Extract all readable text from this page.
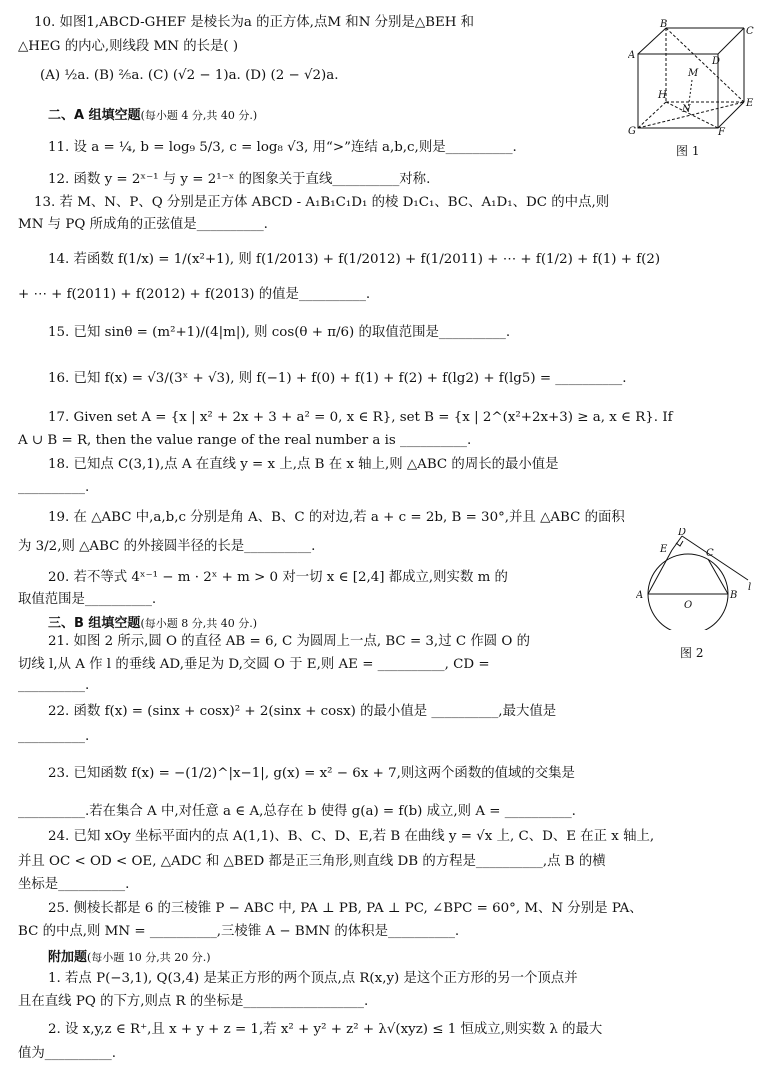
10. 如图1,ABCD-GHEF 是棱长为a 的正方体,点M 和N 分别是△BEH 和
△HEG 的内心,则线段 MN 的长是( )
(A) ½a. (B) ⅖a. (C) (√2 − 1)a. (D) (2 − √2)a.
B
C
A
D
M
H
N
E
G	F
图 1
二、A 组填空题(每小题 4 分,共 40 分.)
11. 设 a = ¼, b = log₉ 5/3, c = log₈ √3, 用“>”连结 a,b,c,则是__________.
12. 函数 y = 2ˣ⁻¹ 与 y = 2¹⁻ˣ 的图象关于直线__________对称.
13. 若 M、N、P、Q 分别是正方体 ABCD - A₁B₁C₁D₁ 的棱 D₁C₁、BC、A₁D₁、DC 的中点,则
MN 与 PQ 所成角的正弦值是__________.
14. 若函数 f(1/x) = 1/(x²+1), 则 f(1/2013) + f(1/2012) + f(1/2011) + ⋯ + f(1/2) + f(1) + f(2)
+ ⋯ + f(2011) + f(2012) + f(2013) 的值是__________.
15. 已知 sinθ = (m²+1)/(4|m|), 则 cos(θ + π/6) 的取值范围是__________.
16. 已知 f(x) = √3/(3ˣ + √3), 则 f(−1) + f(0) + f(1) + f(2) + f(lg2) + f(lg5) = __________.
17. Given set A = {x | x² + 2x + 3 + a² = 0, x ∈ R}, set B = {x | 2^(x²+2x+3) ≥ a, x ∈ R}. If
A ∪ B = R, then the value range of the real number a is __________.
18. 已知点 C(3,1),点 A 在直线 y = x 上,点 B 在 x 轴上,则 △ABC 的周长的最小值是
__________.
19. 在 △ABC 中,a,b,c 分别是角 A、B、C 的对边,若 a + c = 2b, B = 30°,并且 △ABC 的面积
为 3/2,则 △ABC 的外接圆半径的长是__________.
20. 若不等式 4ˣ⁻¹ − m · 2ˣ + m > 0 对一切 x ∈ [2,4] 都成立,则实数 m 的
取值范围是__________.
D
E	C
l
A
O
B
图 2
三、B 组填空题(每小题 8 分,共 40 分.)
21. 如图 2 所示,圆 O 的直径 AB = 6, C 为圆周上一点, BC = 3,过 C 作圆 O 的
切线 l,从 A 作 l 的垂线 AD,垂足为 D,交圆 O 于 E,则 AE = __________, CD =
__________.
22. 函数 f(x) = (sinx + cosx)² + 2(sinx + cosx) 的最小值是 __________,最大值是
__________.
23. 已知函数 f(x) = −(1/2)^|x−1|, g(x) = x² − 6x + 7,则这两个函数的值域的交集是
__________.若在集合 A 中,对任意 a ∈ A,总存在 b 使得 g(a) = f(b) 成立,则 A = __________.
24. 已知 xOy 坐标平面内的点 A(1,1)、B、C、D、E,若 B 在曲线 y = √x 上, C、D、E 在正 x 轴上,
并且 OC < OD < OE, △ADC 和 △BED 都是正三角形,则直线 DB 的方程是__________,点 B 的横
坐标是__________.
25. 侧棱长都是 6 的三棱锥 P − ABC 中, PA ⊥ PB, PA ⊥ PC, ∠BPC = 60°, M、N 分别是 PA、
BC 的中点,则 MN = __________,三棱锥 A − BMN 的体积是__________.
附加题(每小题 10 分,共 20 分.)
1. 若点 P(−3,1), Q(3,4) 是某正方形的两个顶点,点 R(x,y) 是这个正方形的另一个顶点并
且在直线 PQ 的下方,则点 R 的坐标是__________________.
2. 设 x,y,z ∈ R⁺,且 x + y + z = 1,若 x² + y² + z² + λ√(xyz) ≤ 1 恒成立,则实数 λ 的最大
值为__________.
